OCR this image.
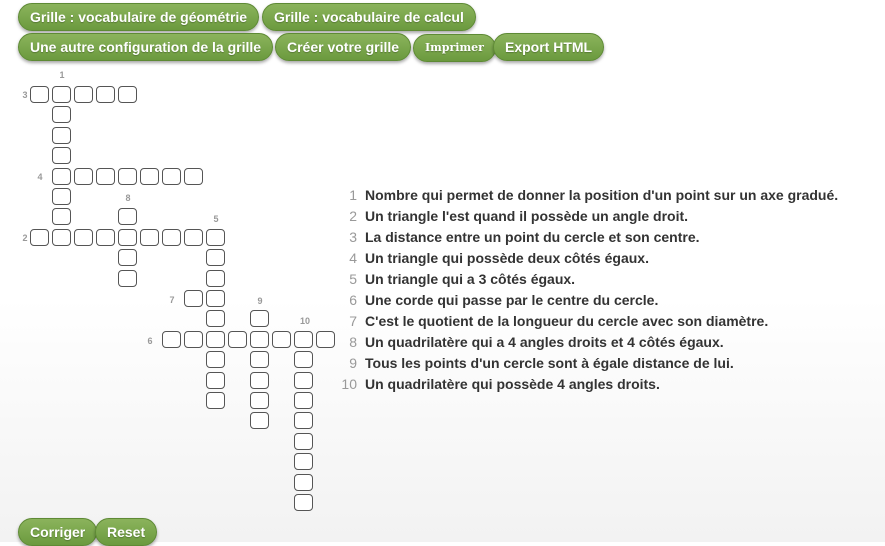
Grille : vocabulaire de géométrie	Grille : vocabulaire de calcul
Une autre configuration de la grille	Créer votre grille	Imprimer	Export HTML
1
2
3
4
5
6
7
8
9
10
1 Nombre qui permet de donner la position d'un point sur un axe gradué.
2 Un triangle l'est quand il possède un angle droit.
3 La distance entre un point du cercle et son centre.
4 Un triangle qui possède deux côtés égaux.
5 Un triangle qui a 3 côtés égaux.
6 Une corde qui passe par le centre du cercle.
7 C'est le quotient de la longueur du cercle avec son diamètre.
8 Un quadrilatère qui a 4 angles droits et 4 côtés égaux.
9 Tous les points d'un cercle sont à égale distance de lui.
10 Un quadrilatère qui possède 4 angles droits.
Corriger	Reset
